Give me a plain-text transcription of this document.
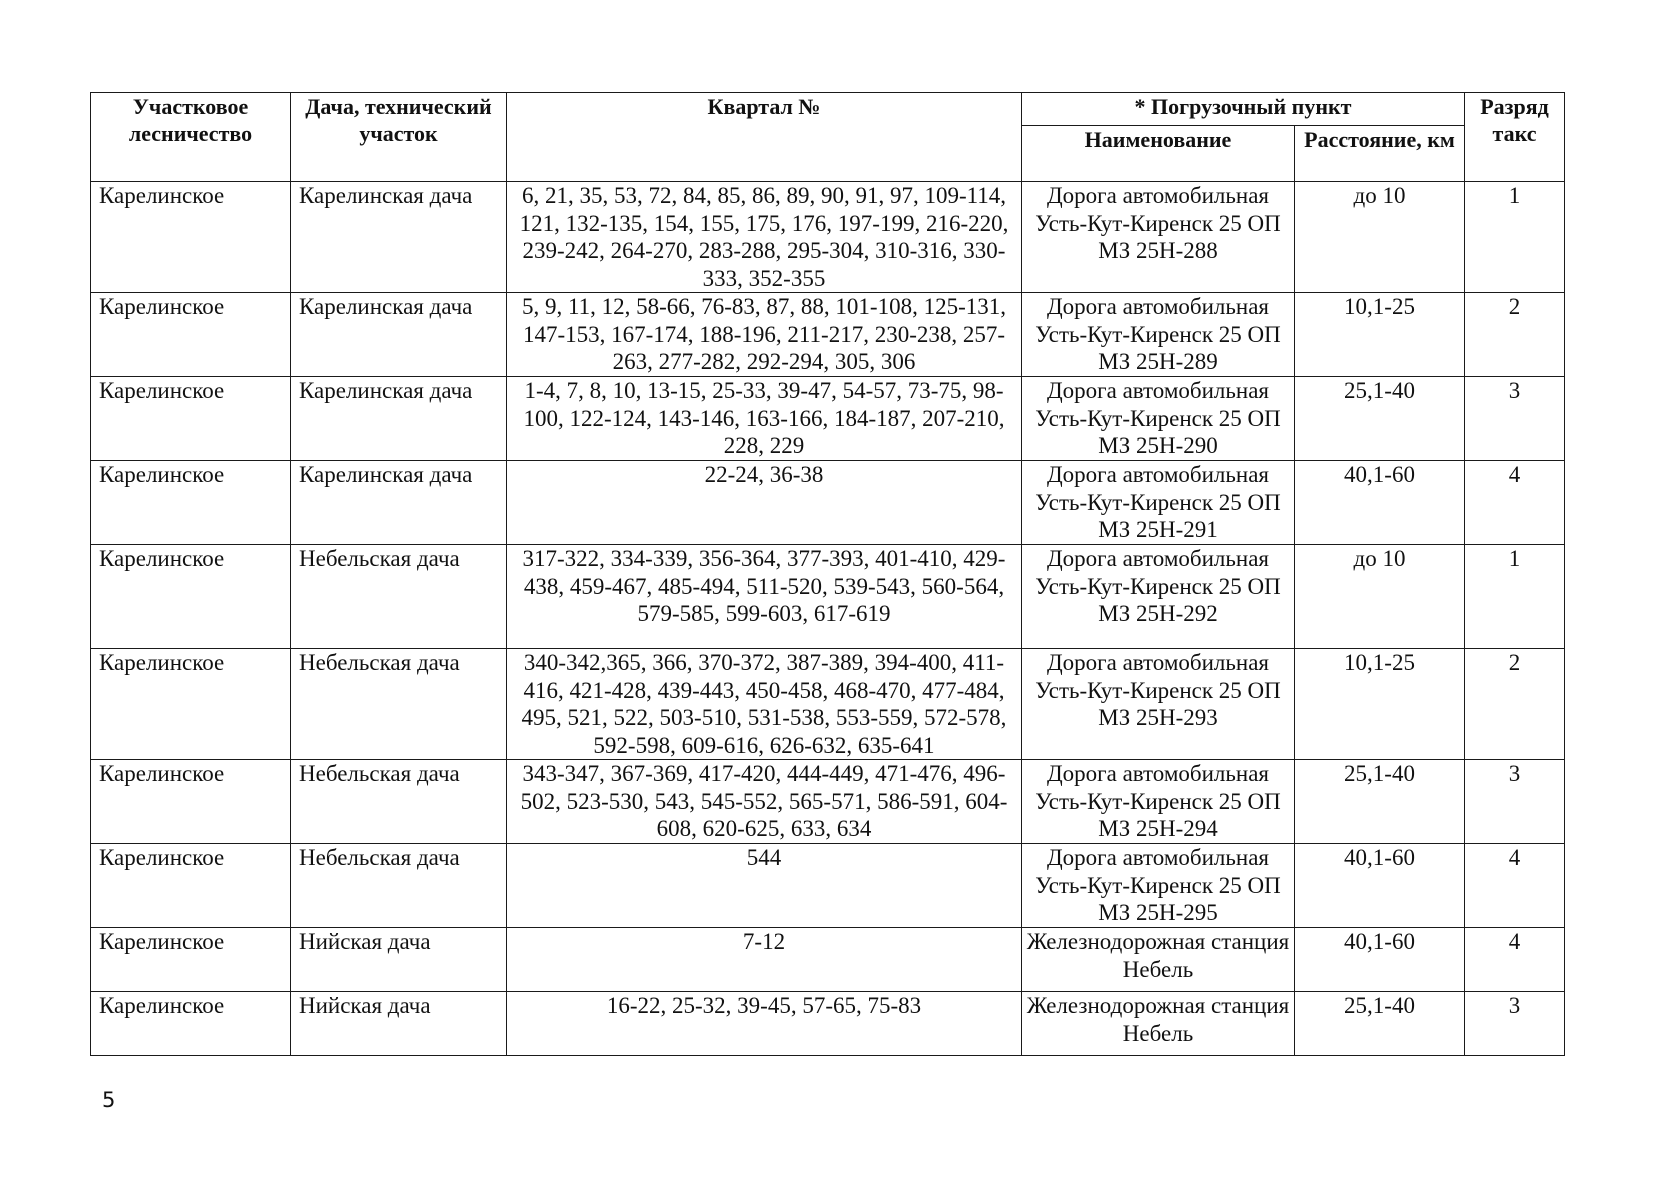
Участковое лесничество	Дача, технический участок	Квартал №	* Погрузочный пункт		Разряд такс
			Наименование	Расстояние, км	
Карелинское	Карелинская дача	6, 21, 35, 53, 72, 84, 85, 86, 89, 90, 91, 97, 109-114, 121, 132-135, 154, 155, 175, 176, 197-199, 216-220, 239-242, 264-270, 283-288, 295-304, 310-316, 330-333, 352-355	Дорога автомобильная Усть-Кут-Киренск 25 ОП МЗ 25Н-288	до 10	1
Карелинское	Карелинская дача	5, 9, 11, 12, 58-66, 76-83, 87, 88, 101-108, 125-131, 147-153, 167-174, 188-196, 211-217, 230-238, 257-263, 277-282, 292-294, 305, 306	Дорога автомобильная Усть-Кут-Киренск 25 ОП МЗ 25Н-289	10,1-25	2
Карелинское	Карелинская дача	1-4, 7, 8, 10, 13-15, 25-33, 39-47, 54-57, 73-75, 98-100, 122-124, 143-146, 163-166, 184-187, 207-210, 228, 229	Дорога автомобильная Усть-Кут-Киренск 25 ОП МЗ 25Н-290	25,1-40	3
Карелинское	Карелинская дача	22-24, 36-38	Дорога автомобильная Усть-Кут-Киренск 25 ОП МЗ 25Н-291	40,1-60	4
Карелинское	Небельская дача	317-322, 334-339, 356-364, 377-393, 401-410, 429-438, 459-467, 485-494, 511-520, 539-543, 560-564, 579-585, 599-603, 617-619	Дорога автомобильная Усть-Кут-Киренск 25 ОП МЗ 25Н-292	до 10	1
Карелинское	Небельская дача	340-342,365, 366, 370-372, 387-389, 394-400, 411-416, 421-428, 439-443, 450-458, 468-470, 477-484, 495, 521, 522, 503-510, 531-538, 553-559, 572-578, 592-598, 609-616, 626-632, 635-641	Дорога автомобильная Усть-Кут-Киренск 25 ОП МЗ 25Н-293	10,1-25	2
Карелинское	Небельская дача	343-347, 367-369, 417-420, 444-449, 471-476, 496-502, 523-530, 543, 545-552, 565-571, 586-591, 604-608, 620-625, 633, 634	Дорога автомобильная Усть-Кут-Киренск 25 ОП МЗ 25Н-294	25,1-40	3
Карелинское	Небельская дача	544	Дорога автомобильная Усть-Кут-Киренск 25 ОП МЗ 25Н-295	40,1-60	4
Карелинское	Нийская дача	7-12	Железнодорожная станция Небель	40,1-60	4
Карелинское	Нийская дача	16-22, 25-32, 39-45, 57-65, 75-83	Железнодорожная станция Небель	25,1-40	3
5
